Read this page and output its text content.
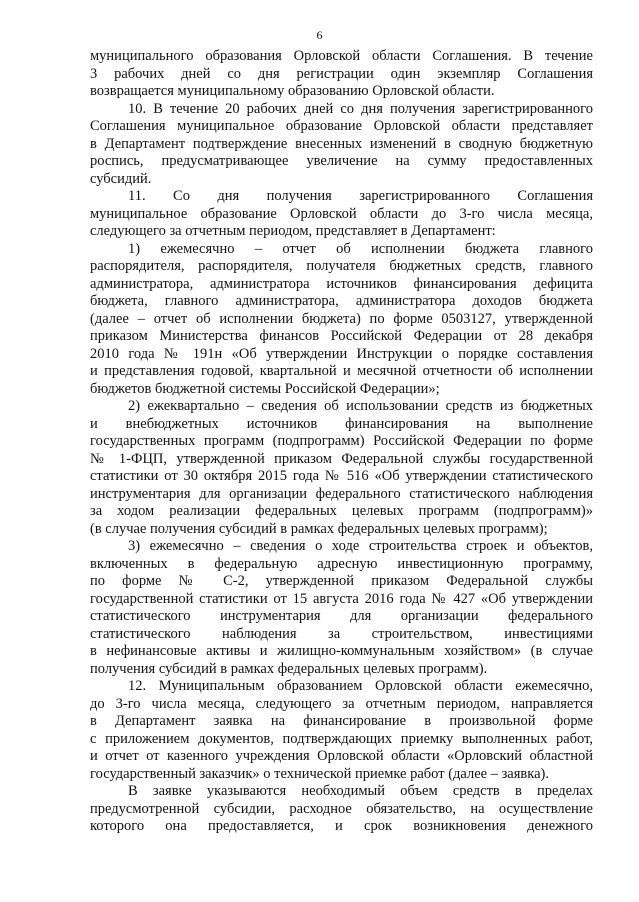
6

муниципального образования Орловской области Соглашения. В течение
3 рабочих дней со дня регистрации один экземпляр Соглашения
возвращается муниципальному образованию Орловской области.

10. В течение 20 рабочих дней со дня получения зарегистрированного
Соглашения муниципальное образование Орловской области представляет
в Департамент подтверждение внесенных изменений в сводную бюджетную
роспись, предусматривающее увеличение на сумму предоставленных
субсидий.

11. Со дня получения зарегистрированного Соглашения
муниципальное образование Орловской области до 3-го числа месяца,
следующего за отчетным периодом, представляет в Департамент:

1) ежемесячно – отчет об исполнении бюджета главного
распорядителя, распорядителя, получателя бюджетных средств, главного
администратора, администратора источников финансирования дефицита
бюджета, главного администратора, администратора доходов бюджета
(далее – отчет об исполнении бюджета) по форме 0503127, утвержденной
приказом Министерства финансов Российской Федерации от 28 декабря
2010 года № 191н «Об утверждении Инструкции о порядке составления
и представления годовой, квартальной и месячной отчетности об исполнении
бюджетов бюджетной системы Российской Федерации»;

2) ежеквартально – сведения об использовании средств из бюджетных
и внебюджетных источников финансирования на выполнение
государственных программ (подпрограмм) Российской Федерации по форме
№ 1-ФЦП, утвержденной приказом Федеральной службы государственной
статистики от 30 октября 2015 года № 516 «Об утверждении статистического
инструментария для организации федерального статистического наблюдения
за ходом реализации федеральных целевых программ (подпрограмм)»
(в случае получения субсидий в рамках федеральных целевых программ);

3) ежемесячно – сведения о ходе строительства строек и объектов,
включенных в федеральную адресную инвестиционную программу,
по форме № С-2, утвержденной приказом Федеральной службы
государственной статистики от 15 августа 2016 года № 427 «Об утверждении
статистического инструментария для организации федерального
статистического наблюдения за строительством, инвестициями
в нефинансовые активы и жилищно-коммунальным хозяйством» (в случае
получения субсидий в рамках федеральных целевых программ).

12. Муниципальным образованием Орловской области ежемесячно,
до 3-го числа месяца, следующего за отчетным периодом, направляется
в Департамент заявка на финансирование в произвольной форме
с приложением документов, подтверждающих приемку выполненных работ,
и отчет от казенного учреждения Орловской области «Орловский областной
государственный заказчик» о технической приемке работ (далее – заявка).

В заявке указываются необходимый объем средств в пределах
предусмотренной субсидии, расходное обязательство, на осуществление
которого она предоставляется, и срок возникновения денежного
